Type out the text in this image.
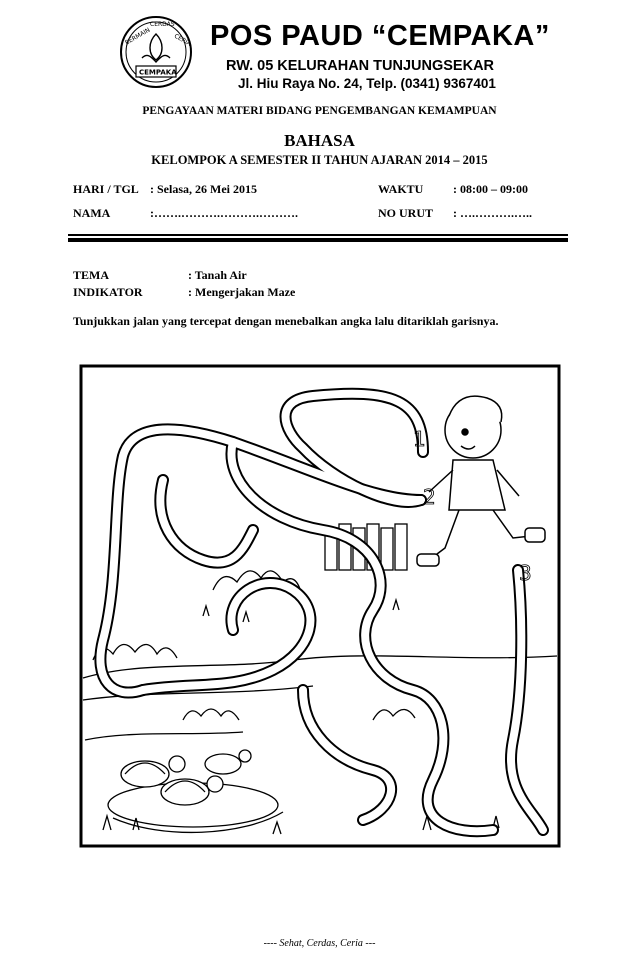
BERMAIN
CERDAS
CERIA
CEMPAKA
POS PAUD “CEMPAKA”
RW. 05 KELURAHAN TUNJUNGSEKAR
Jl. Hiu Raya No. 24, Telp. (0341) 9367401
PENGAYAAN MATERI BIDANG PENGEMBANGAN KEMAMPUAN
BAHASA
KELOMPOK A SEMESTER II TAHUN AJARAN 2014 – 2015
HARI / TGL : Selasa, 26 Mei 2015	WAKTU : 08:00 – 09:00
NAMA	:…….……….……….……….	NO URUT : ….……….…..
TEMA	: Tanah Air
INDIKATOR	: Mengerjakan Maze
Tunjukkan jalan yang tercepat dengan menebalkan angka lalu ditariklah garisnya.
1
2
3
---- Sehat, Cerdas, Ceria ---
